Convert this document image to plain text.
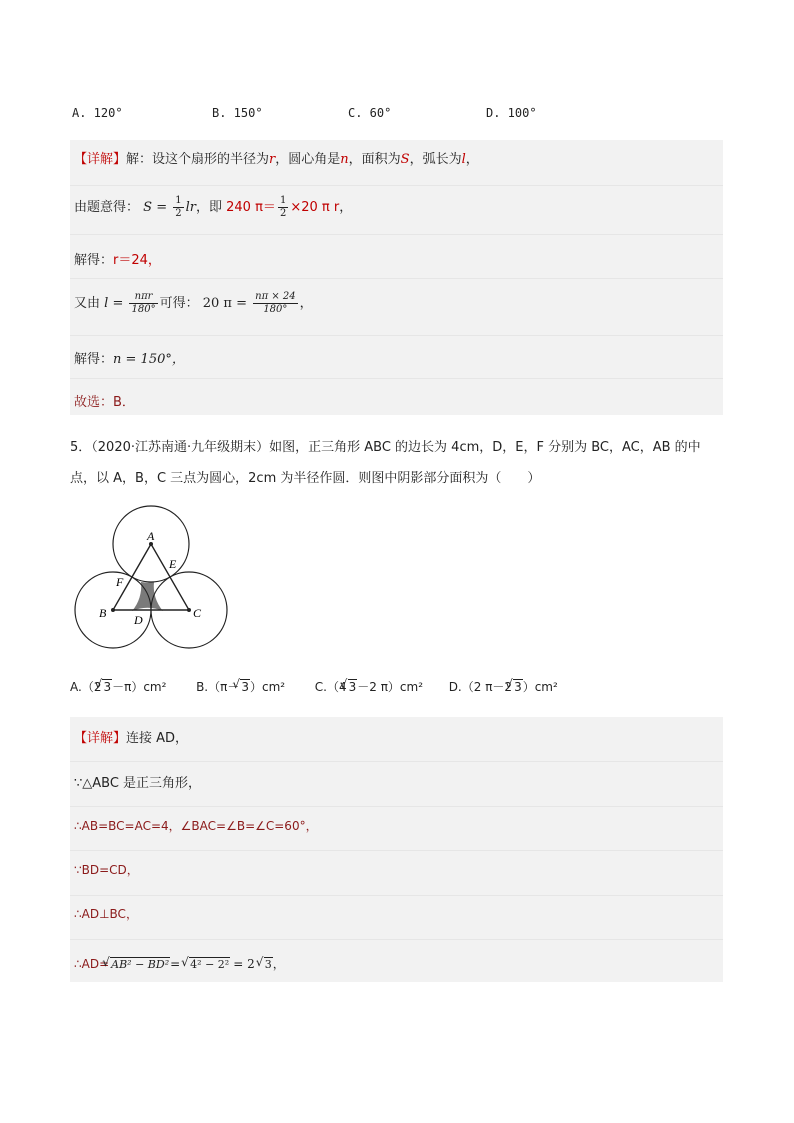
A. 120°	B. 150°	C. 60°	D. 100°
【详解】解：设这个扇形的半径为r，圆心角是n，面积为S，弧长为l，
由题意得： $S = \frac{1}{2}$ lr，即 240 $\pi= \frac{1}{2} \times 20$ π r，
解得：r＝24，
又由 $l = \frac{\text{nπr}}{180^\circ}$ 可得： 20 $\pi = \frac{n\pi \times 24}{180^\circ}$ ，
解得：n = 150°，
故选：B．
5．（2020·江苏南通·九年级期末）如图，正三角形 ABC 的边长为 4cm，D，E，F 分别为 BC，AC，AB 的中
点，以 A，B，C 三点为圆心，2cm 为半径作圆．则图中阴影部分面积为（　　）
A
B	C
D
E
F
A.（2 √ 3－π）cm² B.（π－ √ 3）cm² C.（4 √ 3－2 π）cm² D.（2 π－2 √ 3）cm²
【详解】连接 AD，
∵△ABC 是正三角形，
∴AB=BC=AC=4，∠BAC=∠B=∠C=60°，
∵BD=CD，
∴AD⊥BC，
∴AD= √ AB² − BD²= √ 4² − 2² = 2 √ 3，
